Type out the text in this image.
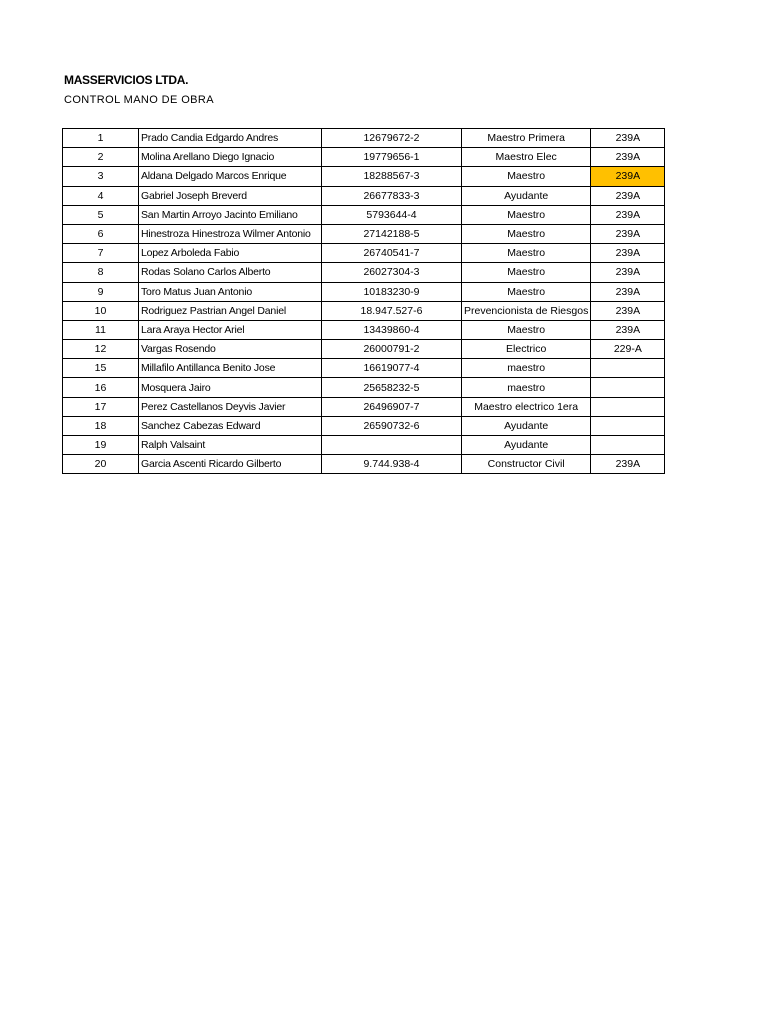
MASSERVICIOS LTDA.
CONTROL MANO DE OBRA
1	Prado Candia Edgardo Andres	12679672-2	Maestro Primera	239A
2	Molina Arellano Diego Ignacio	19779656-1	Maestro Elec	239A
3	Aldana Delgado Marcos Enrique	18288567-3	Maestro	239A
4	Gabriel Joseph Breverd	26677833-3	Ayudante	239A
5	San Martin Arroyo Jacinto Emiliano	5793644-4	Maestro	239A
6	Hinestroza Hinestroza Wilmer Antonio	27142188-5	Maestro	239A
7	Lopez Arboleda Fabio	26740541-7	Maestro	239A
8	Rodas Solano Carlos Alberto	26027304-3	Maestro	239A
9	Toro Matus Juan Antonio	10183230-9	Maestro	239A
10	Rodriguez Pastrian Angel Daniel	18.947.527-6	Prevencionista de Riesgos	239A
11	Lara Araya Hector Ariel	13439860-4	Maestro	239A
12	Vargas Rosendo	26000791-2	Electrico	229-A
15	Millafilo Antillanca Benito Jose	16619077-4	maestro	
16	Mosquera Jairo	25658232-5	maestro	
17	Perez Castellanos Deyvis Javier	26496907-7	Maestro electrico 1era	
18	Sanchez Cabezas Edward	26590732-6	Ayudante	
19	Ralph Valsaint		Ayudante	
20	Garcia Ascenti Ricardo Gilberto	9.744.938-4	Constructor Civil	239A
